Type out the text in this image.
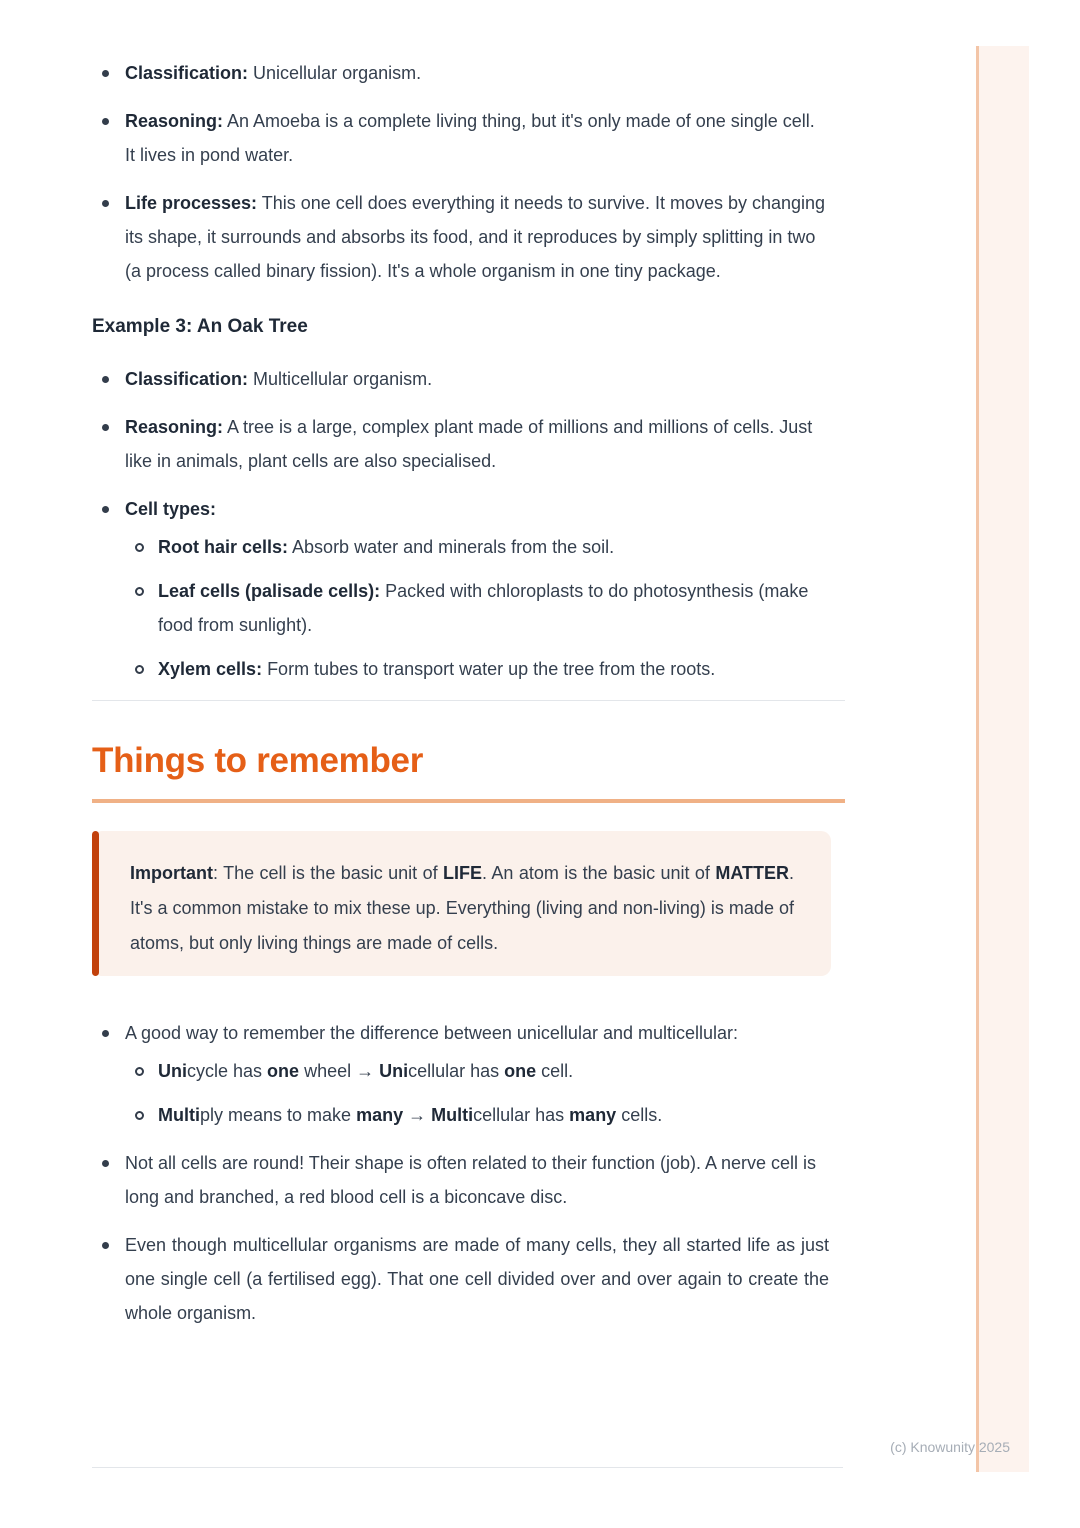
Classification: Unicellular organism.
Reasoning: An Amoeba is a complete living thing, but it's only made of one single cell. It lives in pond water.
Life processes: This one cell does everything it needs to survive. It moves by changing its shape, it surrounds and absorbs its food, and it reproduces by simply splitting in two (a process called binary fission). It's a whole organism in one tiny package.
Example 3: An Oak Tree
Classification: Multicellular organism.
Reasoning: A tree is a large, complex plant made of millions and millions of cells. Just like in animals, plant cells are also specialised.
Cell types:
Root hair cells: Absorb water and minerals from the soil.
Leaf cells (palisade cells): Packed with chloroplasts to do photosynthesis (make food from sunlight).
Xylem cells: Form tubes to transport water up the tree from the roots.
Things to remember
Important: The cell is the basic unit of LIFE. An atom is the basic unit of MATTER. It's a common mistake to mix these up. Everything (living and non-living) is made of atoms, but only living things are made of cells.
A good way to remember the difference between unicellular and multicellular:
Unicycle has one wheel → Unicellular has one cell.
Multiply means to make many → Multicellular has many cells.
Not all cells are round! Their shape is often related to their function (job). A nerve cell is long and branched, a red blood cell is a biconcave disc.
Even though multicellular organisms are made of many cells, they all started life as just one single cell (a fertilised egg). That one cell divided over and over again to create the whole organism.
(c) Knowunity 2025
